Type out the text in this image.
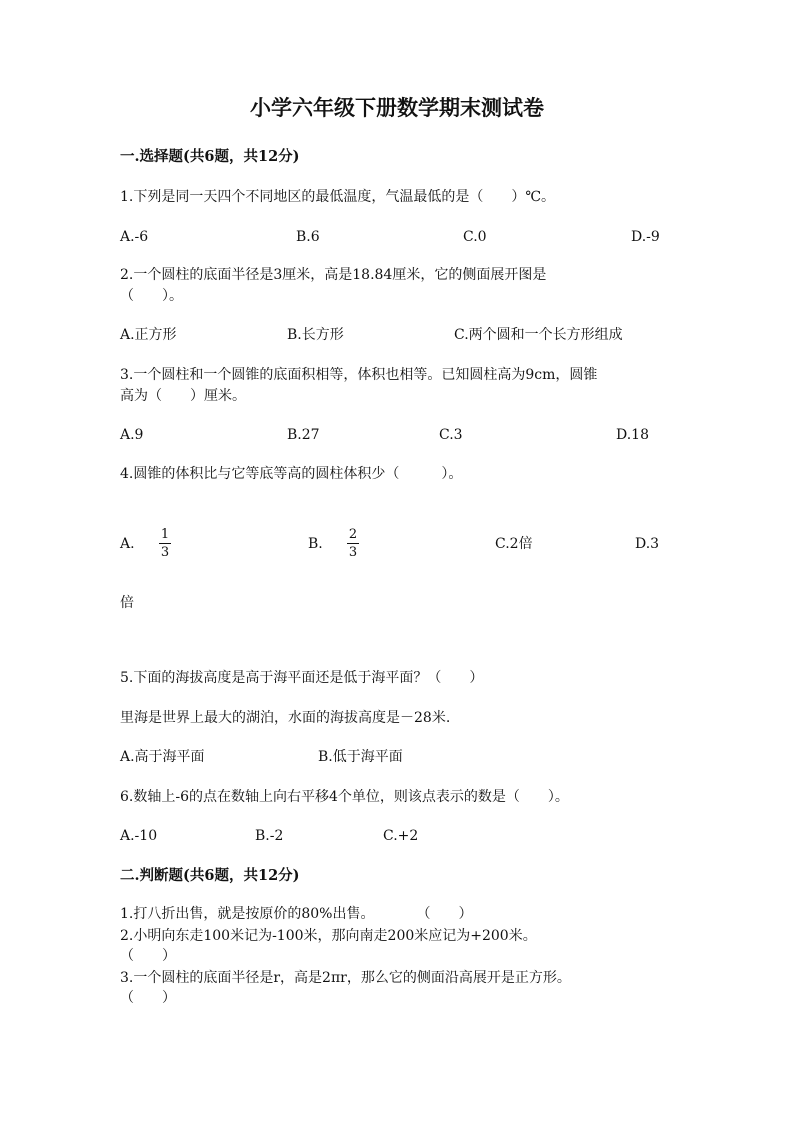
小学六年级下册数学期末测试卷
一.选择题(共6题，共12分)
1.下列是同一天四个不同地区的最低温度，气温最低的是（　　）℃。
A.-6	B.6	C.0	D.-9
2.一个圆柱的底面半径是3厘米，高是18.84厘米，它的侧面展开图是
（　　）。
A.正方形	B.长方形	C.两个圆和一个长方形组成
3.一个圆柱和一个圆锥的底面积相等，体积也相等。已知圆柱高为9cm，圆锥
高为（　　）厘米。
A.9	B.27	C.3	D.18
4.圆锥的体积比与它等底等高的圆柱体积少（　　　）。
A.
1
3
B.
2
3
C.2倍	D.3
倍
5.下面的海拔高度是高于海平面还是低于海平面？（　　）
里海是世界上最大的湖泊，水面的海拔高度是－28米.
A.高于海平面	B.低于海平面
6.数轴上-6的点在数轴上向右平移4个单位，则该点表示的数是（　　）。
A.-10	B.-2	C.+2
二.判断题(共6题，共12分)
1.打八折出售，就是按原价的80%出售。　　　　（　　）
2.小明向东走100米记为-100米，那向南走200米应记为+200米。
（　　）
3.一个圆柱的底面半径是r，高是2πr，那么它的侧面沿高展开是正方形。
（　　）
